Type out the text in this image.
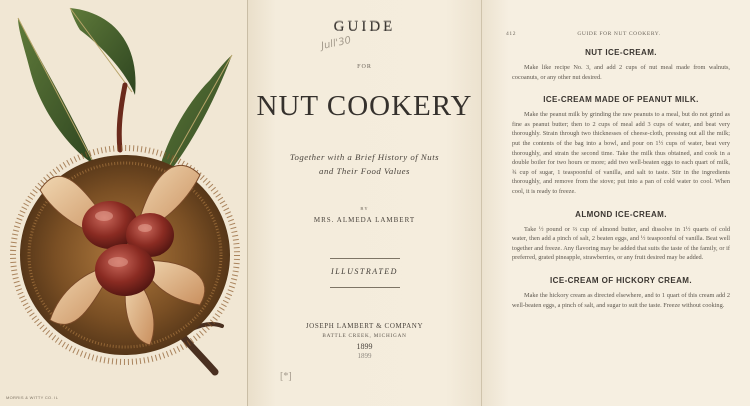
MORRIS & WITTY CO. IL
GUIDE
Jull'30
FOR
NUT COOKERY
Together with a Brief History of Nuts
and Their Food Values
BY
MRS. ALMEDA LAMBERT
ILLUSTRATED
JOSEPH LAMBERT & COMPANY
BATTLE CREEK, MICHIGAN
1899
1899
[*]
412	GUIDE FOR NUT COOKERY.
NUT ICE-CREAM.

Make like recipe No. 3, and add 2 cups of nut meal made from walnuts, cocoanuts, or any other nut desired.

ICE-CREAM MADE OF PEANUT MILK.

Make the peanut milk by grinding the raw peanuts to a meal, but do not grind as fine as peanut butter; then to 2 cups of meal add 3 cups of water, and beat very thoroughly. Strain through two thicknesses of cheese-cloth, pressing out all the milk; put the contents of the bag into a bowl, and pour on 1½ cups of water, beat very thoroughly, and strain the second time. Take the milk thus obtained, and cook in a double boiler for two hours or more; add two well-beaten eggs to each quart of milk, ¾ cup of sugar, 1 teaspoonful of vanilla, and salt to taste. Stir in the ingredients thoroughly, and remove from the stove; put into a pan of cold water to cool. When cool, it is ready to freeze.

ALMOND ICE-CREAM.

Take ½ pound or ⅔ cup of almond butter, and dissolve in 1½ quarts of cold water, then add a pinch of salt, 2 beaten eggs, and ½ teaspoonful of vanilla. Beat well together and freeze. Any flavoring may be added that suits the taste of the family, or if preferred, grated pineapple, strawberries, or any fruit desired may be added.

ICE-CREAM OF HICKORY CREAM.

Make the hickory cream as directed elsewhere, and to 1 quart of this cream add 2 well-beaten eggs, a pinch of salt, and sugar to suit the taste. Freeze without cooking.
